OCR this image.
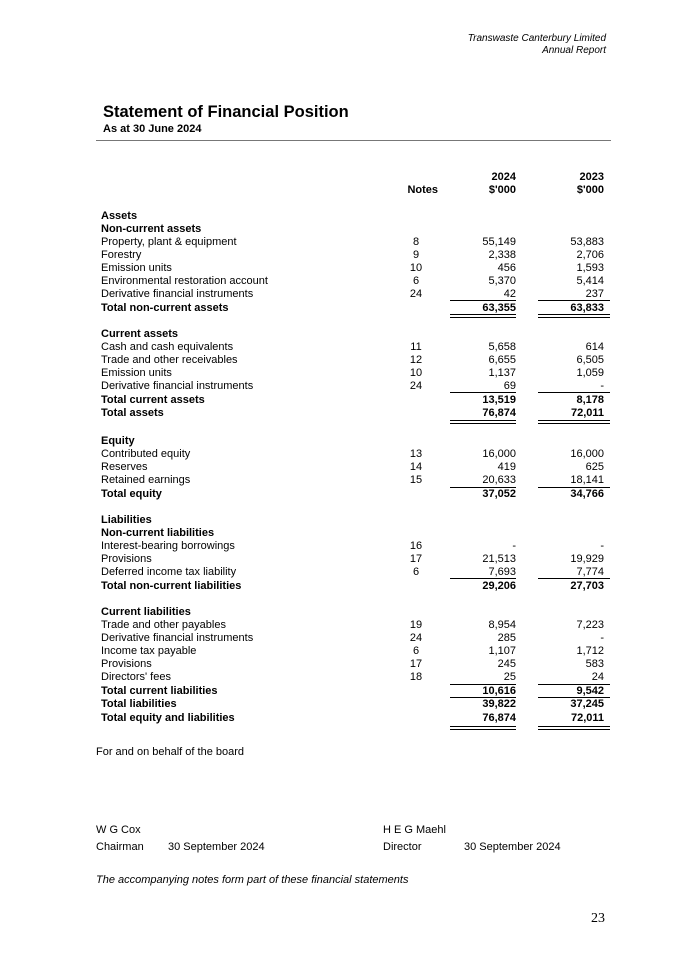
Transwaste Canterbury Limited
Annual Report
Statement of Financial Position
As at 30 June 2024
Notes
2024
$'000
2023
$'000
Assets
Non-current assets
Property, plant & equipment	8	55,149	53,883
Forestry	9	2,338	2,706
Emission units	10	456	1,593
Environmental restoration account	6	5,370	5,414
Derivative financial instruments	24	42	237
Total non-current assets	63,355	63,833
Current assets
Cash and cash equivalents	11	5,658	614
Trade and other receivables	12	6,655	6,505
Emission units	10	1,137	1,059
Derivative financial instruments	24	69	-
Total current assets	13,519	8,178
Total assets	76,874	72,011
Equity
Contributed equity	13	16,000	16,000
Reserves	14	419	625
Retained earnings	15	20,633	18,141
Total equity	37,052	34,766
Liabilities
Non-current liabilities
Interest-bearing borrowings	16	-	-
Provisions	17	21,513	19,929
Deferred income tax liability	6	7,693	7,774
Total non-current liabilities	29,206	27,703
Current liabilities
Trade and other payables	19	8,954	7,223
Derivative financial instruments	24	285	-
Income tax payable	6	1,107	1,712
Provisions	17	245	583
Directors' fees	18	25	24
Total current liabilities	10,616	9,542
Total liabilities	39,822	37,245
Total equity and liabilities	76,874	72,011
For and on behalf of the board
W G Cox
Chairman 30 September 2024
H E G Maehl
Director	30 September 2024
The accompanying notes form part of these financial statements
23
